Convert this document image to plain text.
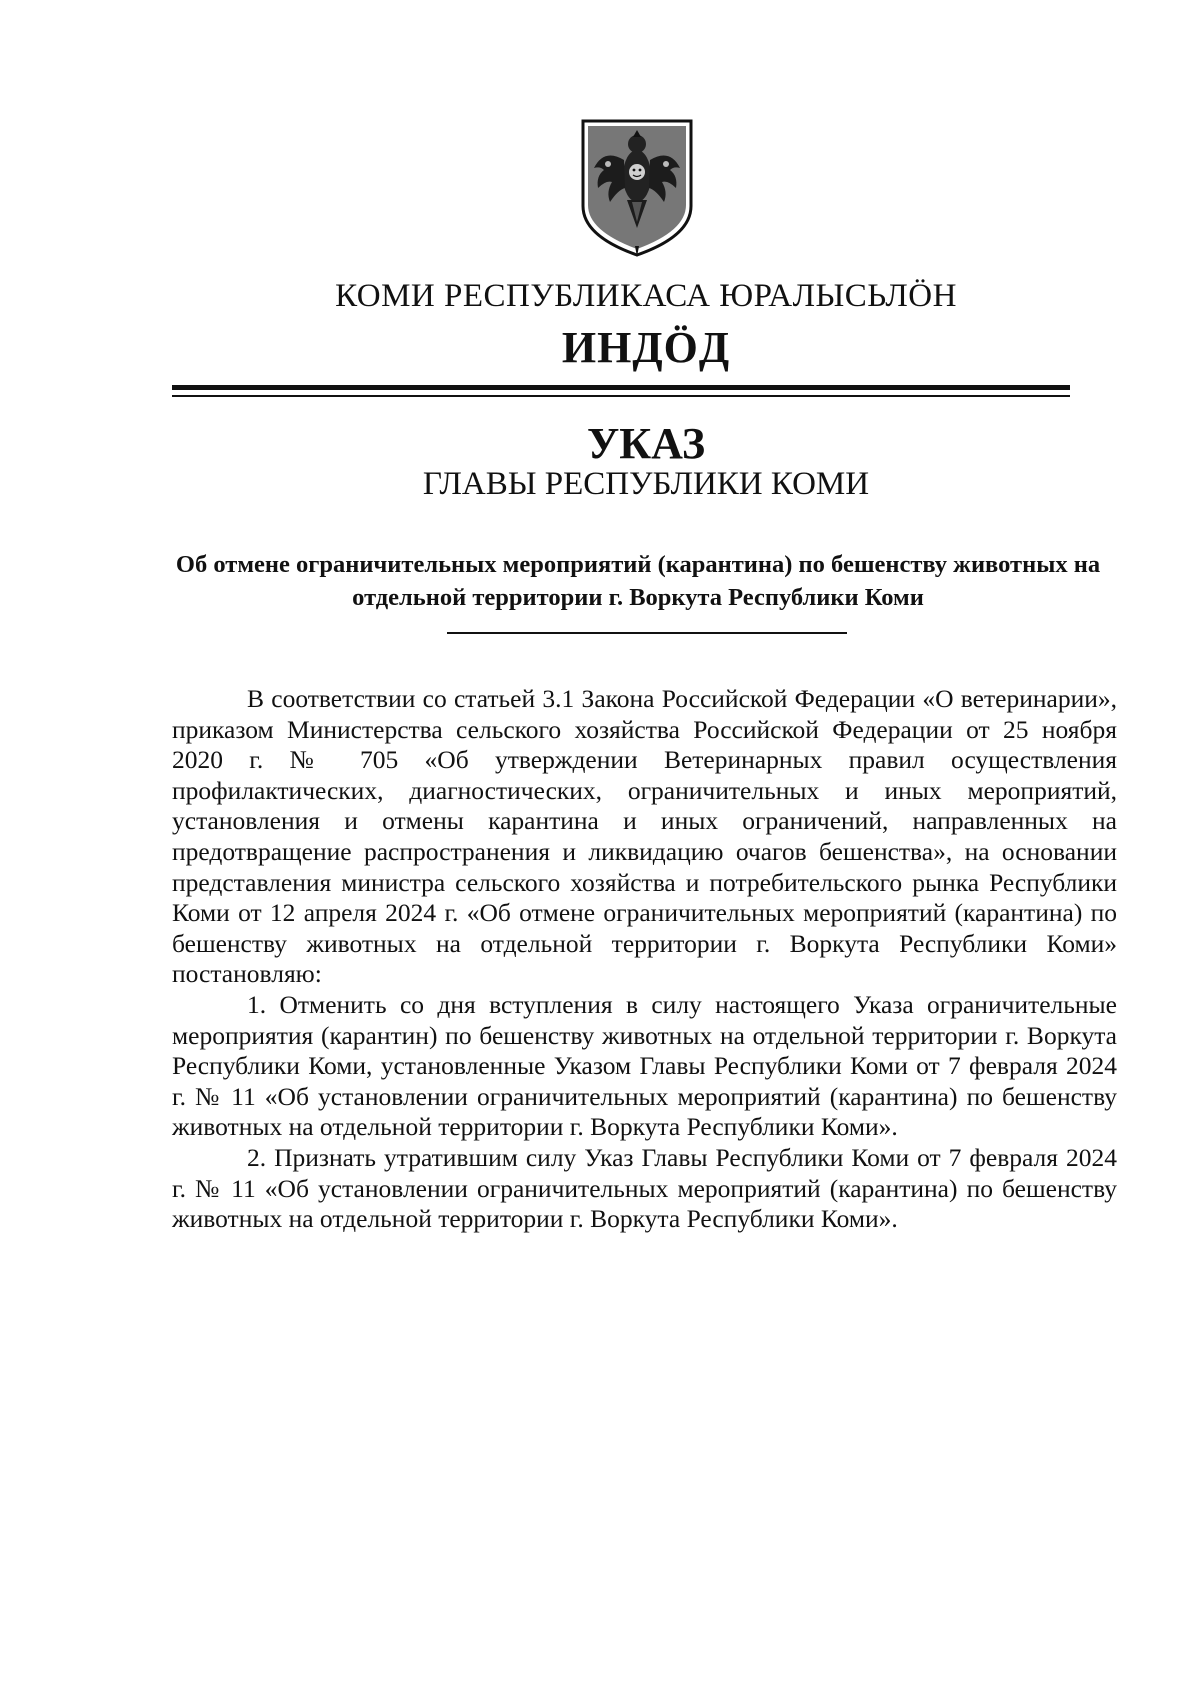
КОМИ РЕСПУБЛИКАСА ЮРАЛЫСЬЛӦН
ИНДӦД
УКАЗ
ГЛАВЫ РЕСПУБЛИКИ КОМИ
Об отмене ограничительных мероприятий (карантина) по бешенству животных на отдельной территории г. Воркута Республики Коми

В соответствии со статьей 3.1 Закона Российской Федерации «О ветеринарии», приказом Министерства сельского хозяйства Российской Федерации от 25 ноября 2020 г. № 705 «Об утверждении Ветеринарных правил осуществления профилактических, диагностических, ограничительных и иных мероприятий, установления и отмены карантина и иных ограничений, направленных на предотвращение распространения и ликвидацию очагов бешенства», на основании представления министра сельского хозяйства и потребительского рынка Республики Коми от 12 апреля 2024 г. «Об отмене ограничительных мероприятий (карантина) по бешенству животных на отдельной территории г. Воркута Республики Коми» постановляю:

1. Отменить со дня вступления в силу настоящего Указа ограничительные мероприятия (карантин) по бешенству животных на отдельной территории г. Воркута Республики Коми, установленные Указом Главы Республики Коми от 7 февраля 2024 г. № 11 «Об установлении ограничительных мероприятий (карантина) по бешенству животных на отдельной территории г. Воркута Республики Коми».

2. Признать утратившим силу Указ Главы Республики Коми от 7 февраля 2024 г. № 11 «Об установлении ограничительных мероприятий (карантина) по бешенству животных на отдельной территории г. Воркута Республики Коми».
